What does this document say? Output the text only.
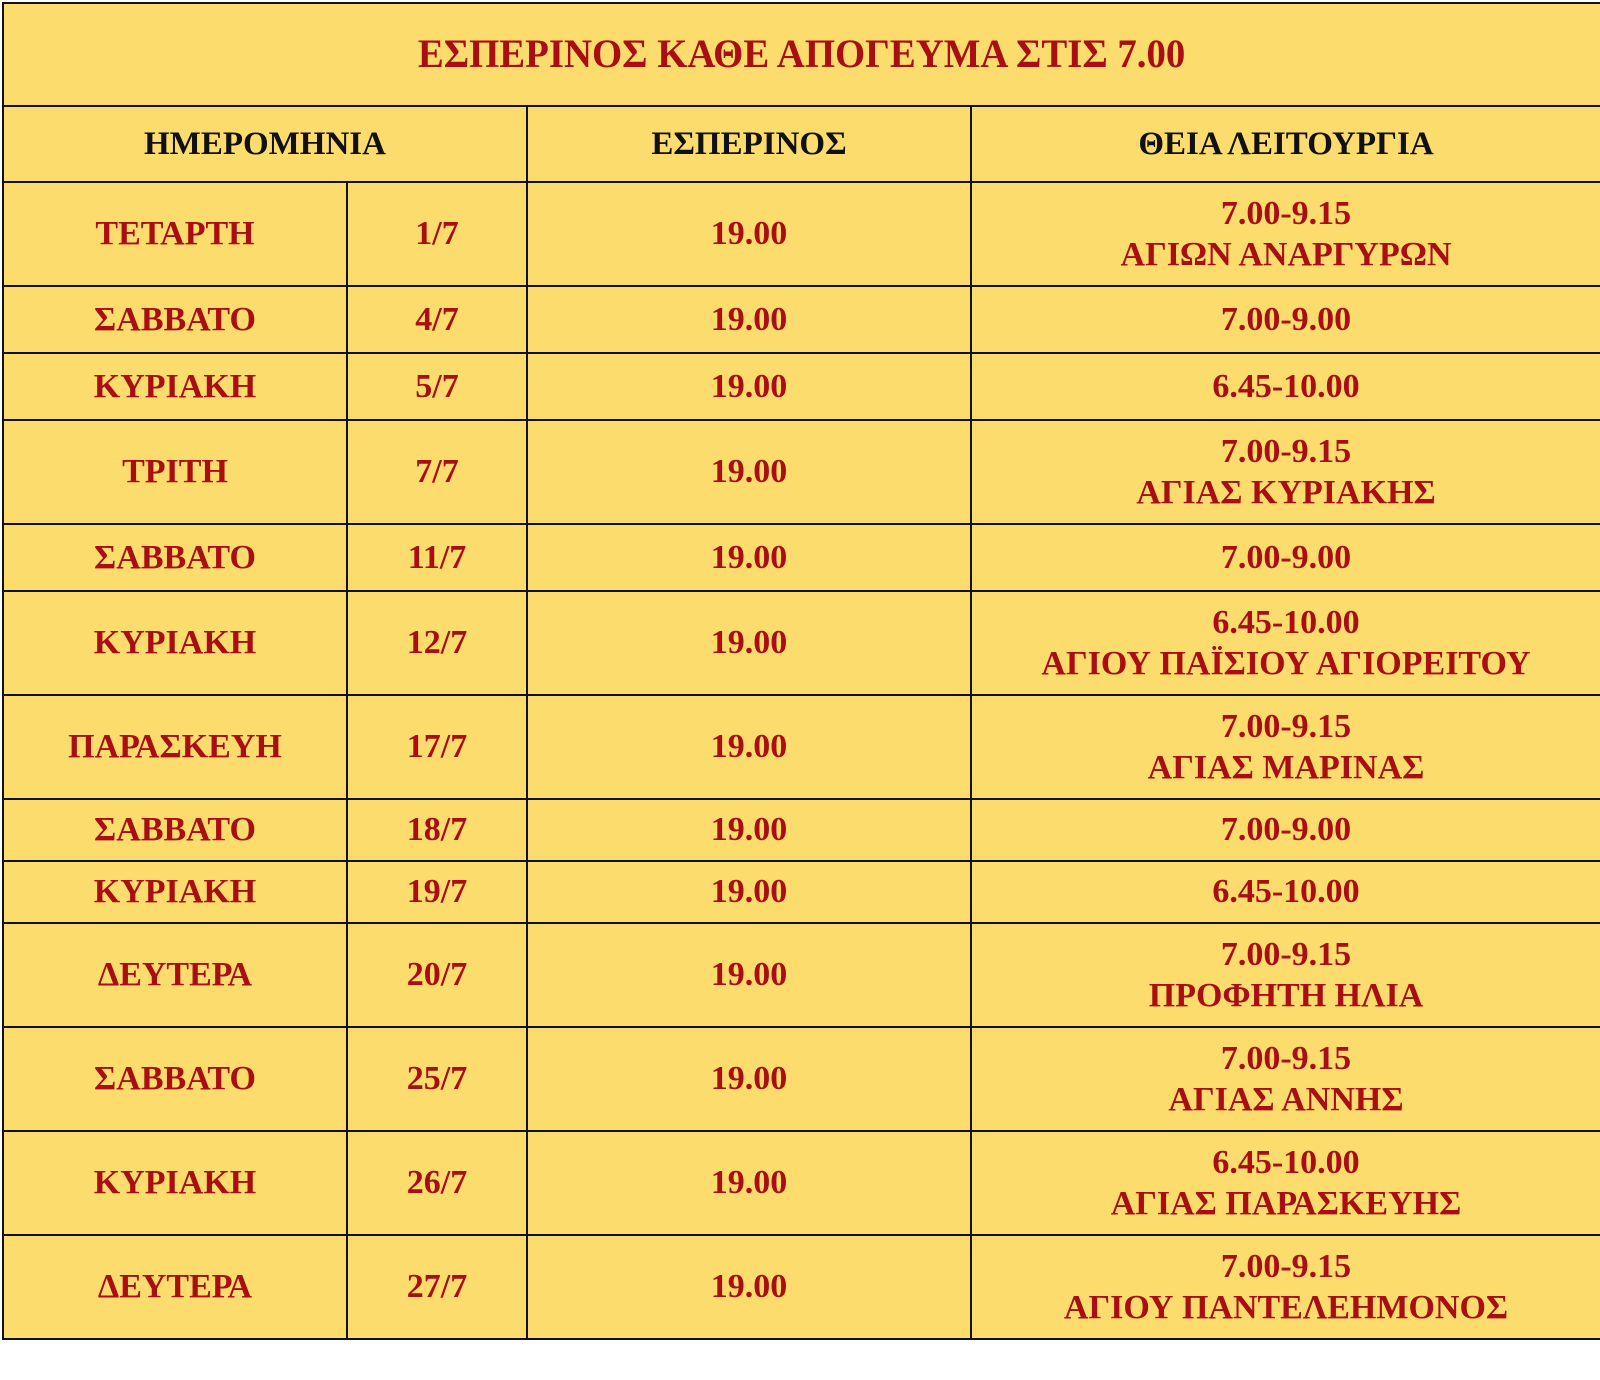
ΕΣΠΕΡΙΝΟΣ ΚΑΘΕ ΑΠΟΓΕΥΜΑ ΣΤΙΣ 7.00			
ΗΜΕΡΟΜΗΝΙΑ		ΕΣΠΕΡΙΝΟΣ	ΘΕΙΑ ΛΕΙΤΟΥΡΓΙΑ
ΤΕΤΑΡΤΗ	1/7	19.00	7.00-9.15
ΑΓΙΩΝ ΑΝΑΡΓΥΡΩΝ

ΣΑΒΒΑΤΟ	4/7	19.00	7.00-9.00

ΚΥΡΙΑΚΗ	5/7	19.00	6.45-10.00

ΤΡΙΤΗ	7/7	19.00	7.00-9.15
ΑΓΙΑΣ ΚΥΡΙΑΚΗΣ

ΣΑΒΒΑΤΟ	11/7	19.00	7.00-9.00

ΚΥΡΙΑΚΗ	12/7	19.00	6.45-10.00
ΑΓΙΟΥ ΠΑΪΣΙΟΥ ΑΓΙΟΡΕΙΤΟΥ

ΠΑΡΑΣΚΕΥΗ	17/7	19.00	7.00-9.15
ΑΓΙΑΣ ΜΑΡΙΝΑΣ

ΣΑΒΒΑΤΟ	18/7	19.00	7.00-9.00

ΚΥΡΙΑΚΗ	19/7	19.00	6.45-10.00

ΔΕΥΤΕΡΑ	20/7	19.00	7.00-9.15
ΠΡΟΦΗΤΗ ΗΛΙΑ

ΣΑΒΒΑΤΟ	25/7	19.00	7.00-9.15
ΑΓΙΑΣ ΑΝΝΗΣ

ΚΥΡΙΑΚΗ	26/7	19.00	6.45-10.00
ΑΓΙΑΣ ΠΑΡΑΣΚΕΥΗΣ

ΔΕΥΤΕΡΑ	27/7	19.00	7.00-9.15
ΑΓΙΟΥ ΠΑΝΤΕΛΕΗΜΟΝΟΣ
